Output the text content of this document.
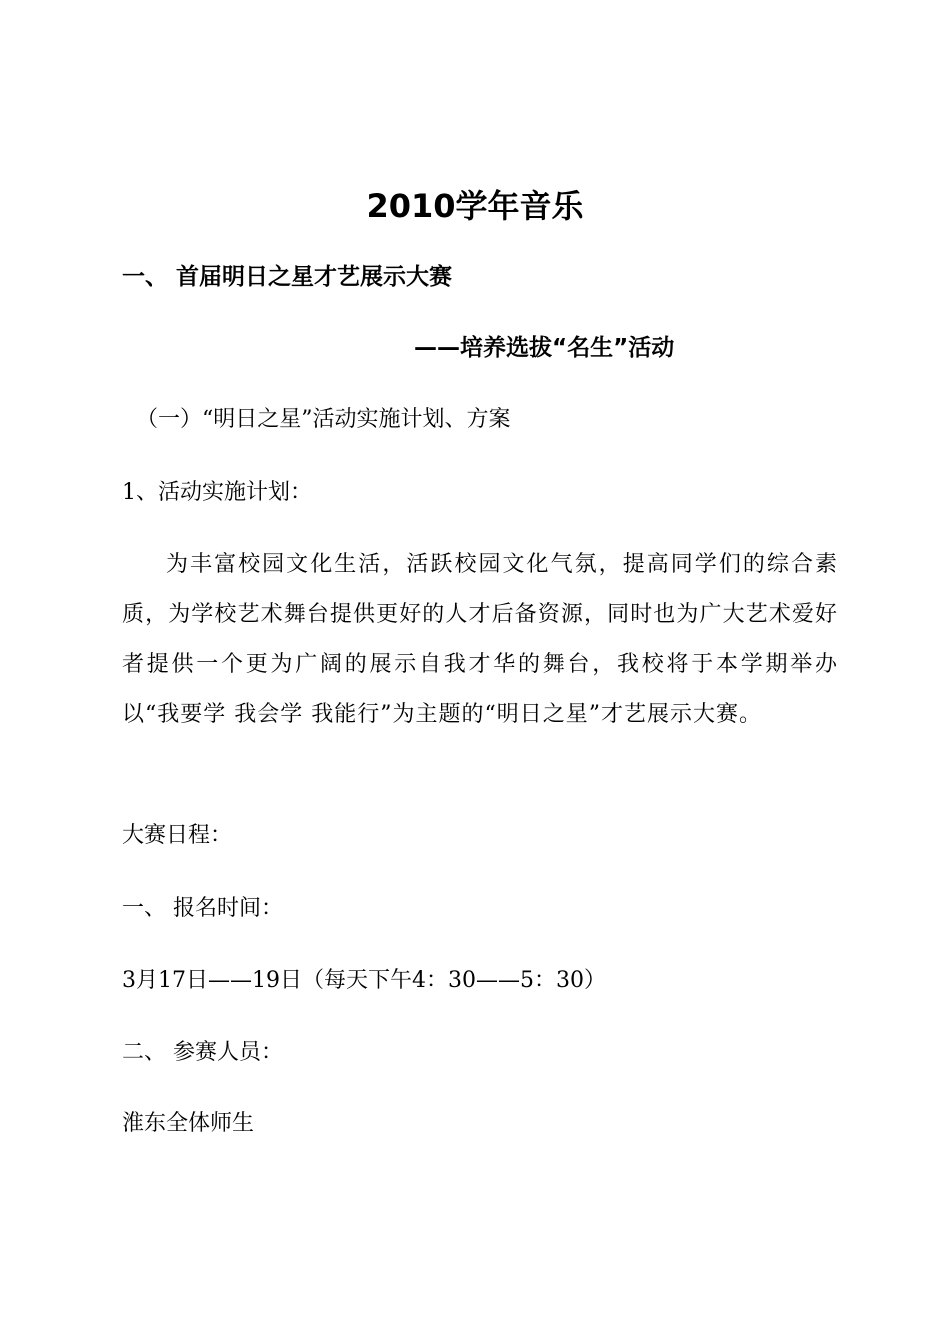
2010学年音乐
一、 首届明日之星才艺展示大赛
——培养选拔“名生”活动
（一）“明日之星”活动实施计划、方案
1、活动实施计划：
为丰富校园文化生活，活跃校园文化气氛，提高同学们的综合素质，为学校艺术舞台提供更好的人才后备资源，同时也为广大艺术爱好者提供一个更为广阔的展示自我才华的舞台，我校将于本学期举办以“我要学 我会学 我能行”为主题的“明日之星”才艺展示大赛。
大赛日程：
一、 报名时间：
3月17日——19日（每天下午4：30——5：30）
二、 参赛人员：
淮东全体师生
